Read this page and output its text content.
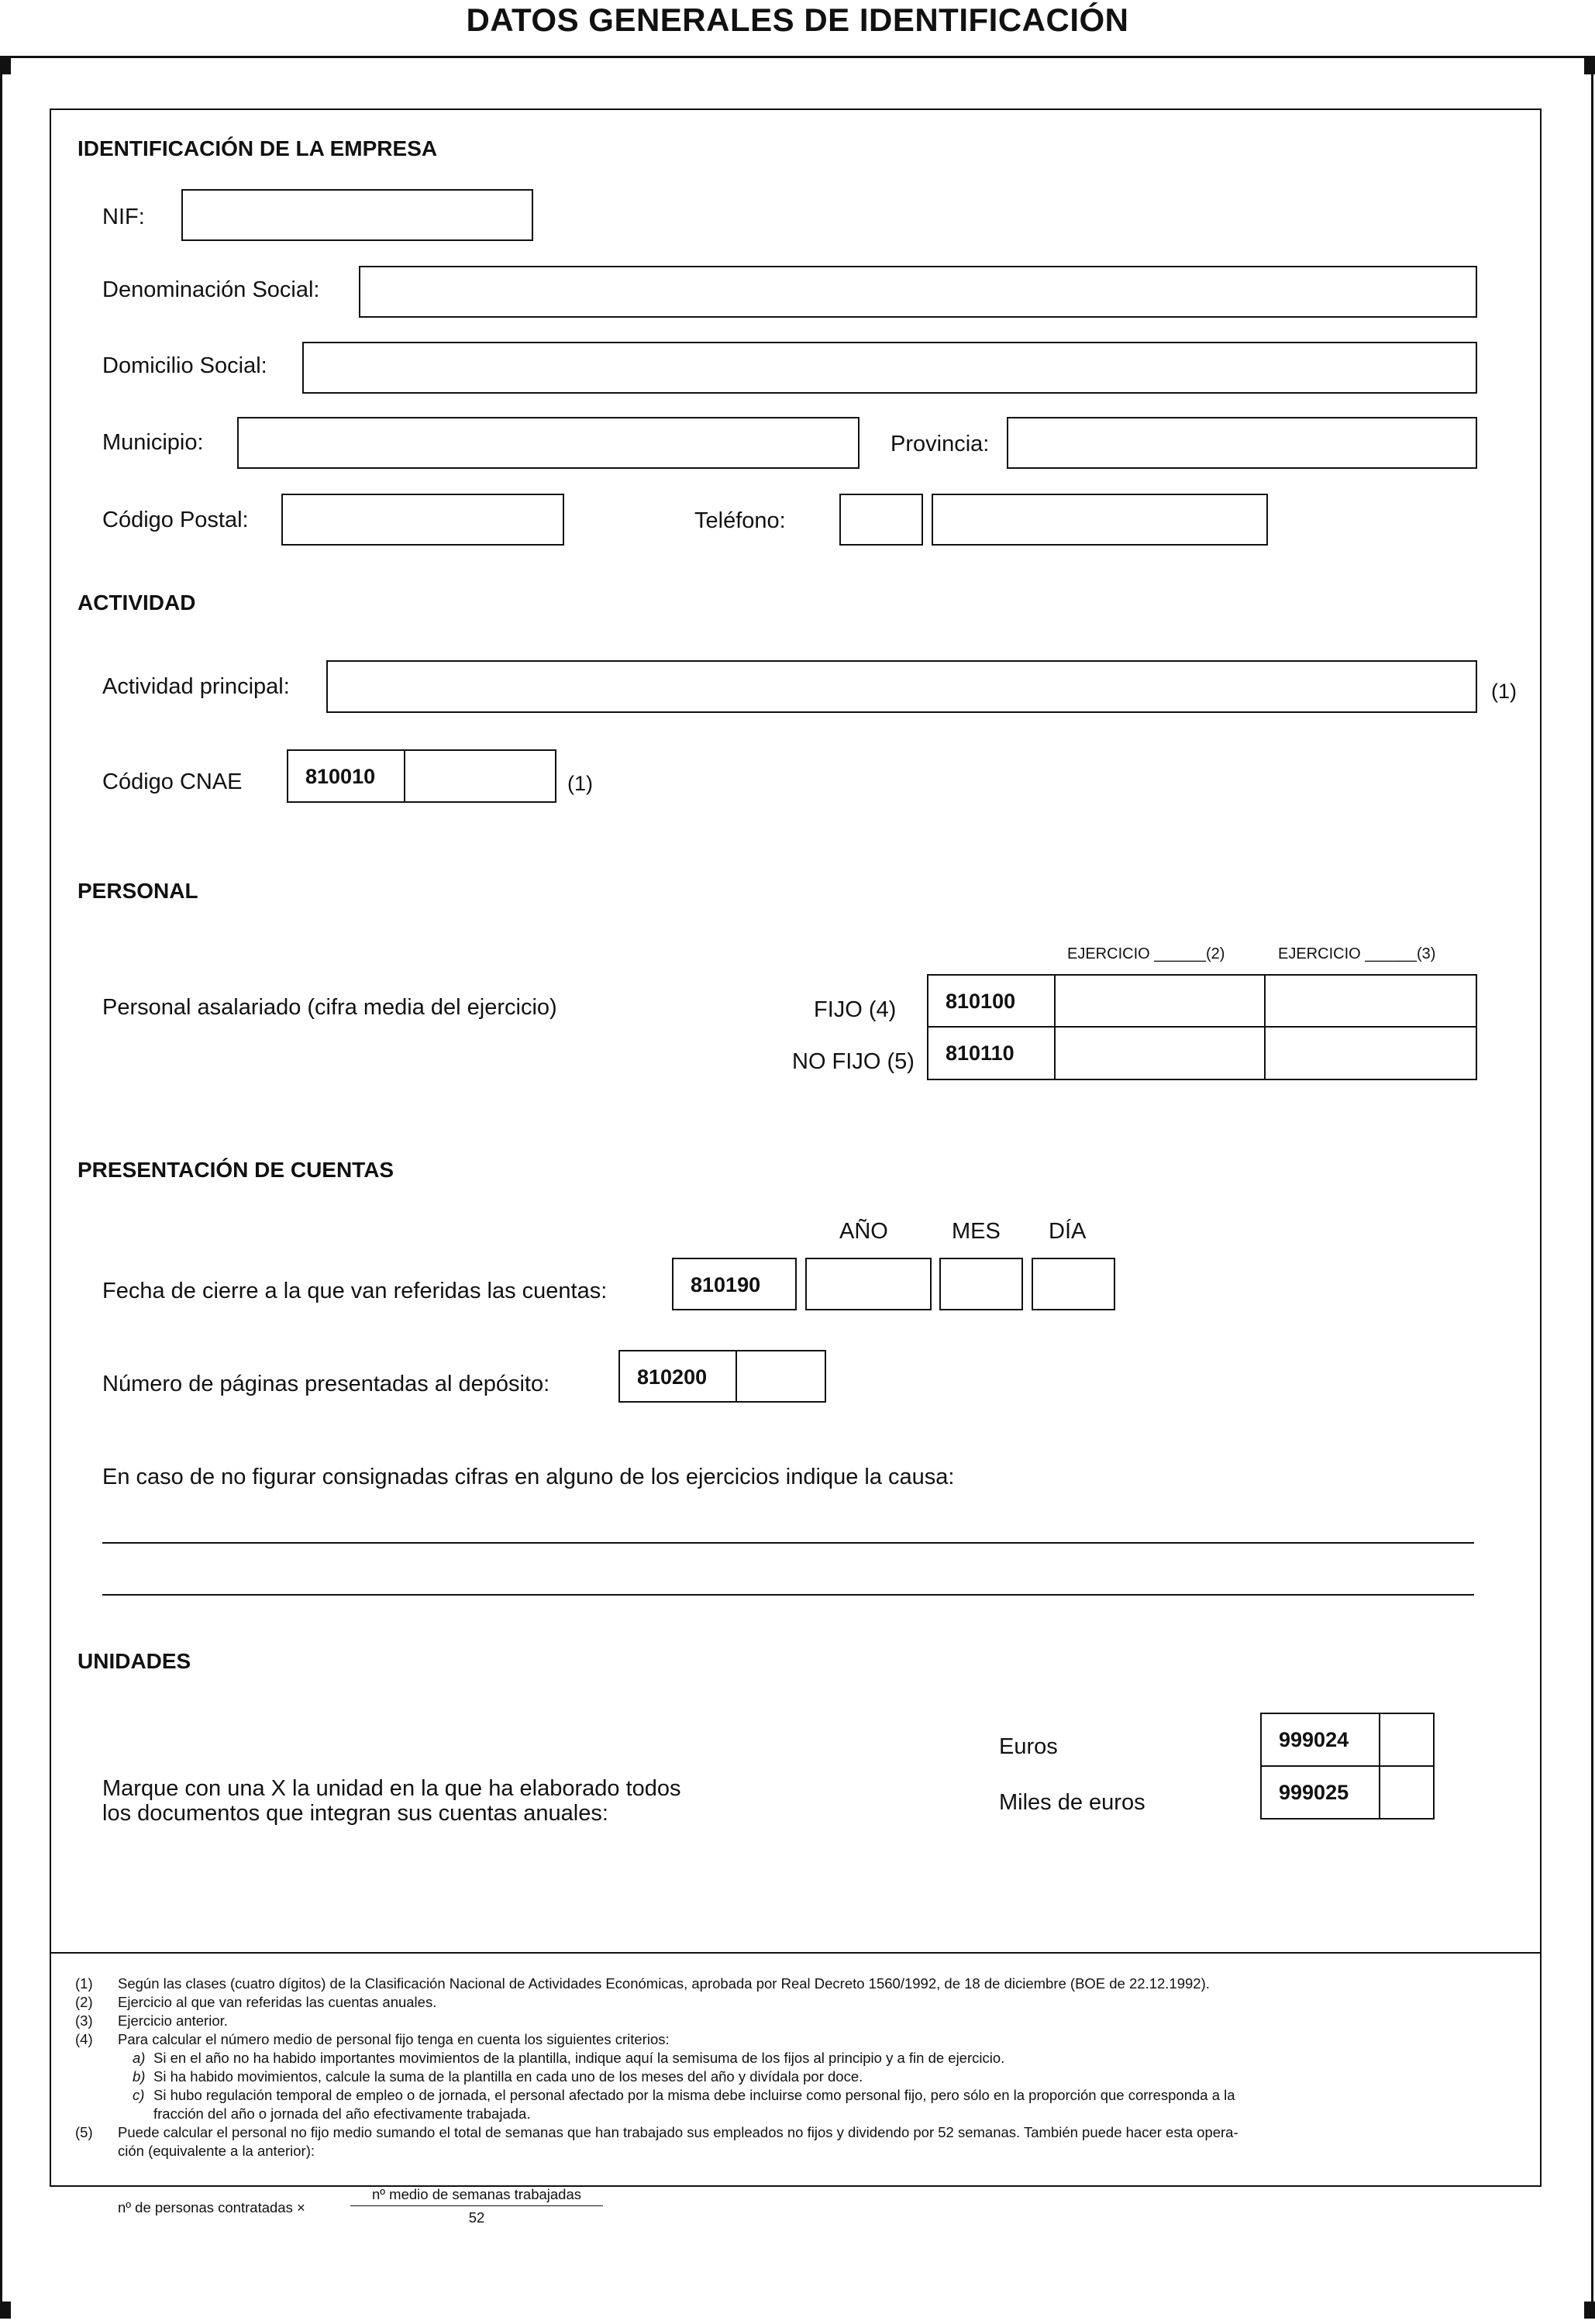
DATOS GENERALES DE IDENTIFICACIÓN
IDENTIFICACIÓN DE LA EMPRESA
NIF:
Denominación Social:
Domicilio Social:
Municipio:	Provincia:
Código Postal:	Teléfono:
ACTIVIDAD
Actividad principal:	(1)
Código CNAE	810010	(1)
PERSONAL
EJERCICIO ______(2)	EJERCICIO ______(3)
Personal asalariado (cifra media del ejercicio)	FIJO (4)	810100
NO FIJO (5)	810110
PRESENTACIÓN DE CUENTAS
AÑO	MES DÍA
Fecha de cierre a la que van referidas las cuentas:	810190
Número de páginas presentadas al depósito:	810200
En caso de no figurar consignadas cifras en alguno de los ejercicios indique la causa:
UNIDADES
Marque con una X la unidad en la que ha elaborado todos
los documentos que integran sus cuentas anuales:
Euros	999024
Miles de euros	999025
(1) Según las clases (cuatro dígitos) de la Clasificación Nacional de Actividades Económicas, aprobada por Real Decreto 1560/1992, de 18 de diciembre (BOE de 22.12.1992).
(2) Ejercicio al que van referidas las cuentas anuales.
(3) Ejercicio anterior.
(4) Para calcular el número medio de personal fijo tenga en cuenta los siguientes criterios:
a) Si en el año no ha habido importantes movimientos de la plantilla, indique aquí la semisuma de los fijos al principio y a fin de ejercicio.
b) Si ha habido movimientos, calcule la suma de la plantilla en cada uno de los meses del año y divídala por doce.
c) Si hubo regulación temporal de empleo o de jornada, el personal afectado por la misma debe incluirse como personal fijo, pero sólo en la proporción que corresponda a la
fracción del año o jornada del año efectivamente trabajada.
(5) Puede calcular el personal no fijo medio sumando el total de semanas que han trabajado sus empleados no fijos y dividendo por 52 semanas. También puede hacer esta opera-
ción (equivalente a la anterior):
nº de personas contratadas ×
nº medio de semanas trabajadas
52
